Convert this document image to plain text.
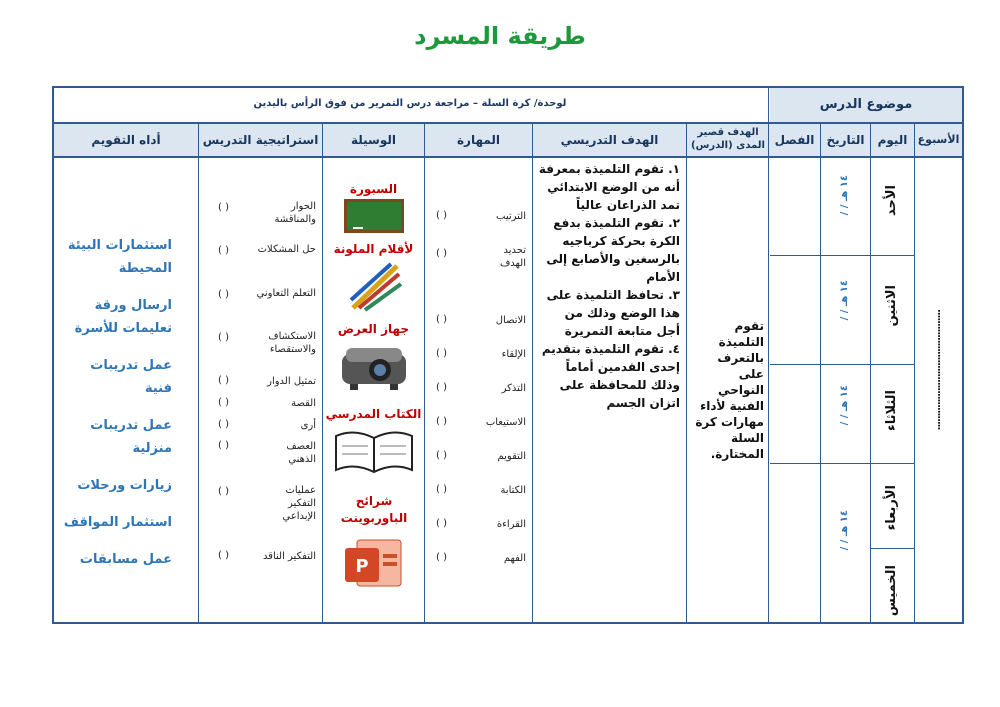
طريقة المسرد
موضوع الدرس
لوحدة/ كرة السلة – مراجعة درس التمرير من فوق الرأس باليدين
الأسبوع
اليوم
التاريخ
الفصل
الهدف قصير المدى (الدرس)
الهدف التدريسي
المهارة
الوسيلة
استراتيجية التدريس
أداه التقويم
...........................................
الأحد
الاثنين
الثلاثاء
الأربعاء
الخميس
/ / ١٤ هـ
/ / ١٤ هـ
/ / ١٤ هـ
/ / ١٤ هـ
تقوم التلميذة بالتعرف على النواحي الفنية لأداء مهارات كرة السلة المختارة.
١. تقوم التلميذة بمعرفة أنه من الوضع الابتدائي تمد الذراعان عالياً
٢. تقوم التلميذة بدفع الكرة بحركة كرباجيه بالرسغين والأصابع إلى الأمام
٣. تحافظ التلميذة على هذا الوضع وذلك من أجل متابعة التمريرة
٤. تقوم التلميذة بتقديم إحدى القدمين أماماً وذلك للمحافظة على اتزان الجسم
الترتيب
( )
تحديد الهدف
( )
الاتصال
( )
الإلقاء
( )
التذكر
( )
الاستيعاب
( )
التقويم
( )
الكتابة
( )
القراءة
( )
الفهم
( )
السبورة
لأقلام الملونة
جهاز العرض
الكتاب المدرسي
شرائح الباوربوينت
P
الحوار والمناقشة
( )
حل المشكلات
( )
التعلم التعاوني
( )
الاستكشاف والاستقصاء
( )
تمثيل الدوار
( )
القصة
( )
أرى
( )
العصف الذهني
( )
عمليات التفكير الإبداعي
( )
التفكير الناقد
( )
استثمارات البيئة المحيطة
ارسال ورقة تعليمات للأسرة
عمل تدريبات فنية
عمل تدريبات منزلية
زيارات ورحلات
استثمار المواقف
عمل مسابقات
